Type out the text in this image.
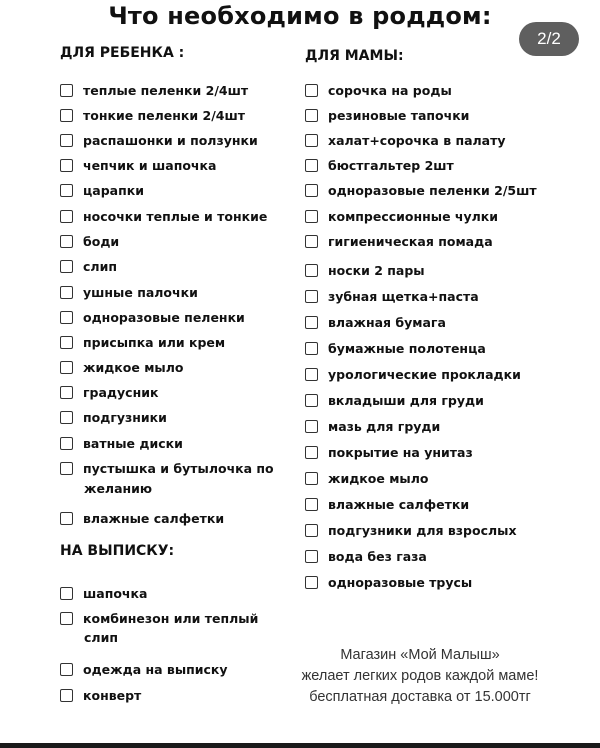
Что необходимо в роддом:
2/2
ДЛЯ РЕБЕНКА :
теплые пеленки 2/4шт
тонкие пеленки 2/4шт
распашонки и ползунки
чепчик и шапочка
царапки
носочки теплые и тонкие
боди
слип
ушные палочки
одноразовые пеленки
присыпка или крем
жидкое мыло
градусник
подгузники
ватные диски
пустышка и бутылочка по
влажные салфетки
желанию
ДЛЯ МАМЫ:
сорочка на роды
резиновые тапочки
халат+сорочка в палату
бюстгальтер 2шт
одноразовые пеленки 2/5шт
компрессионные чулки
гигиеническая помада
носки 2 пары
зубная щетка+паста
влажная бумага
бумажные полотенца
урологические прокладки
вкладыши для груди
мазь для груди
покрытие на унитаз
жидкое мыло
влажные салфетки
подгузники для взрослых
вода без газа
одноразовые трусы
НА ВЫПИСКУ:
шапочка
комбинезон или теплый
одежда на выписку
конверт
слип
Магазин «Мой Малыш»
желает легких родов каждой маме!
бесплатная доставка от 15.000тг
